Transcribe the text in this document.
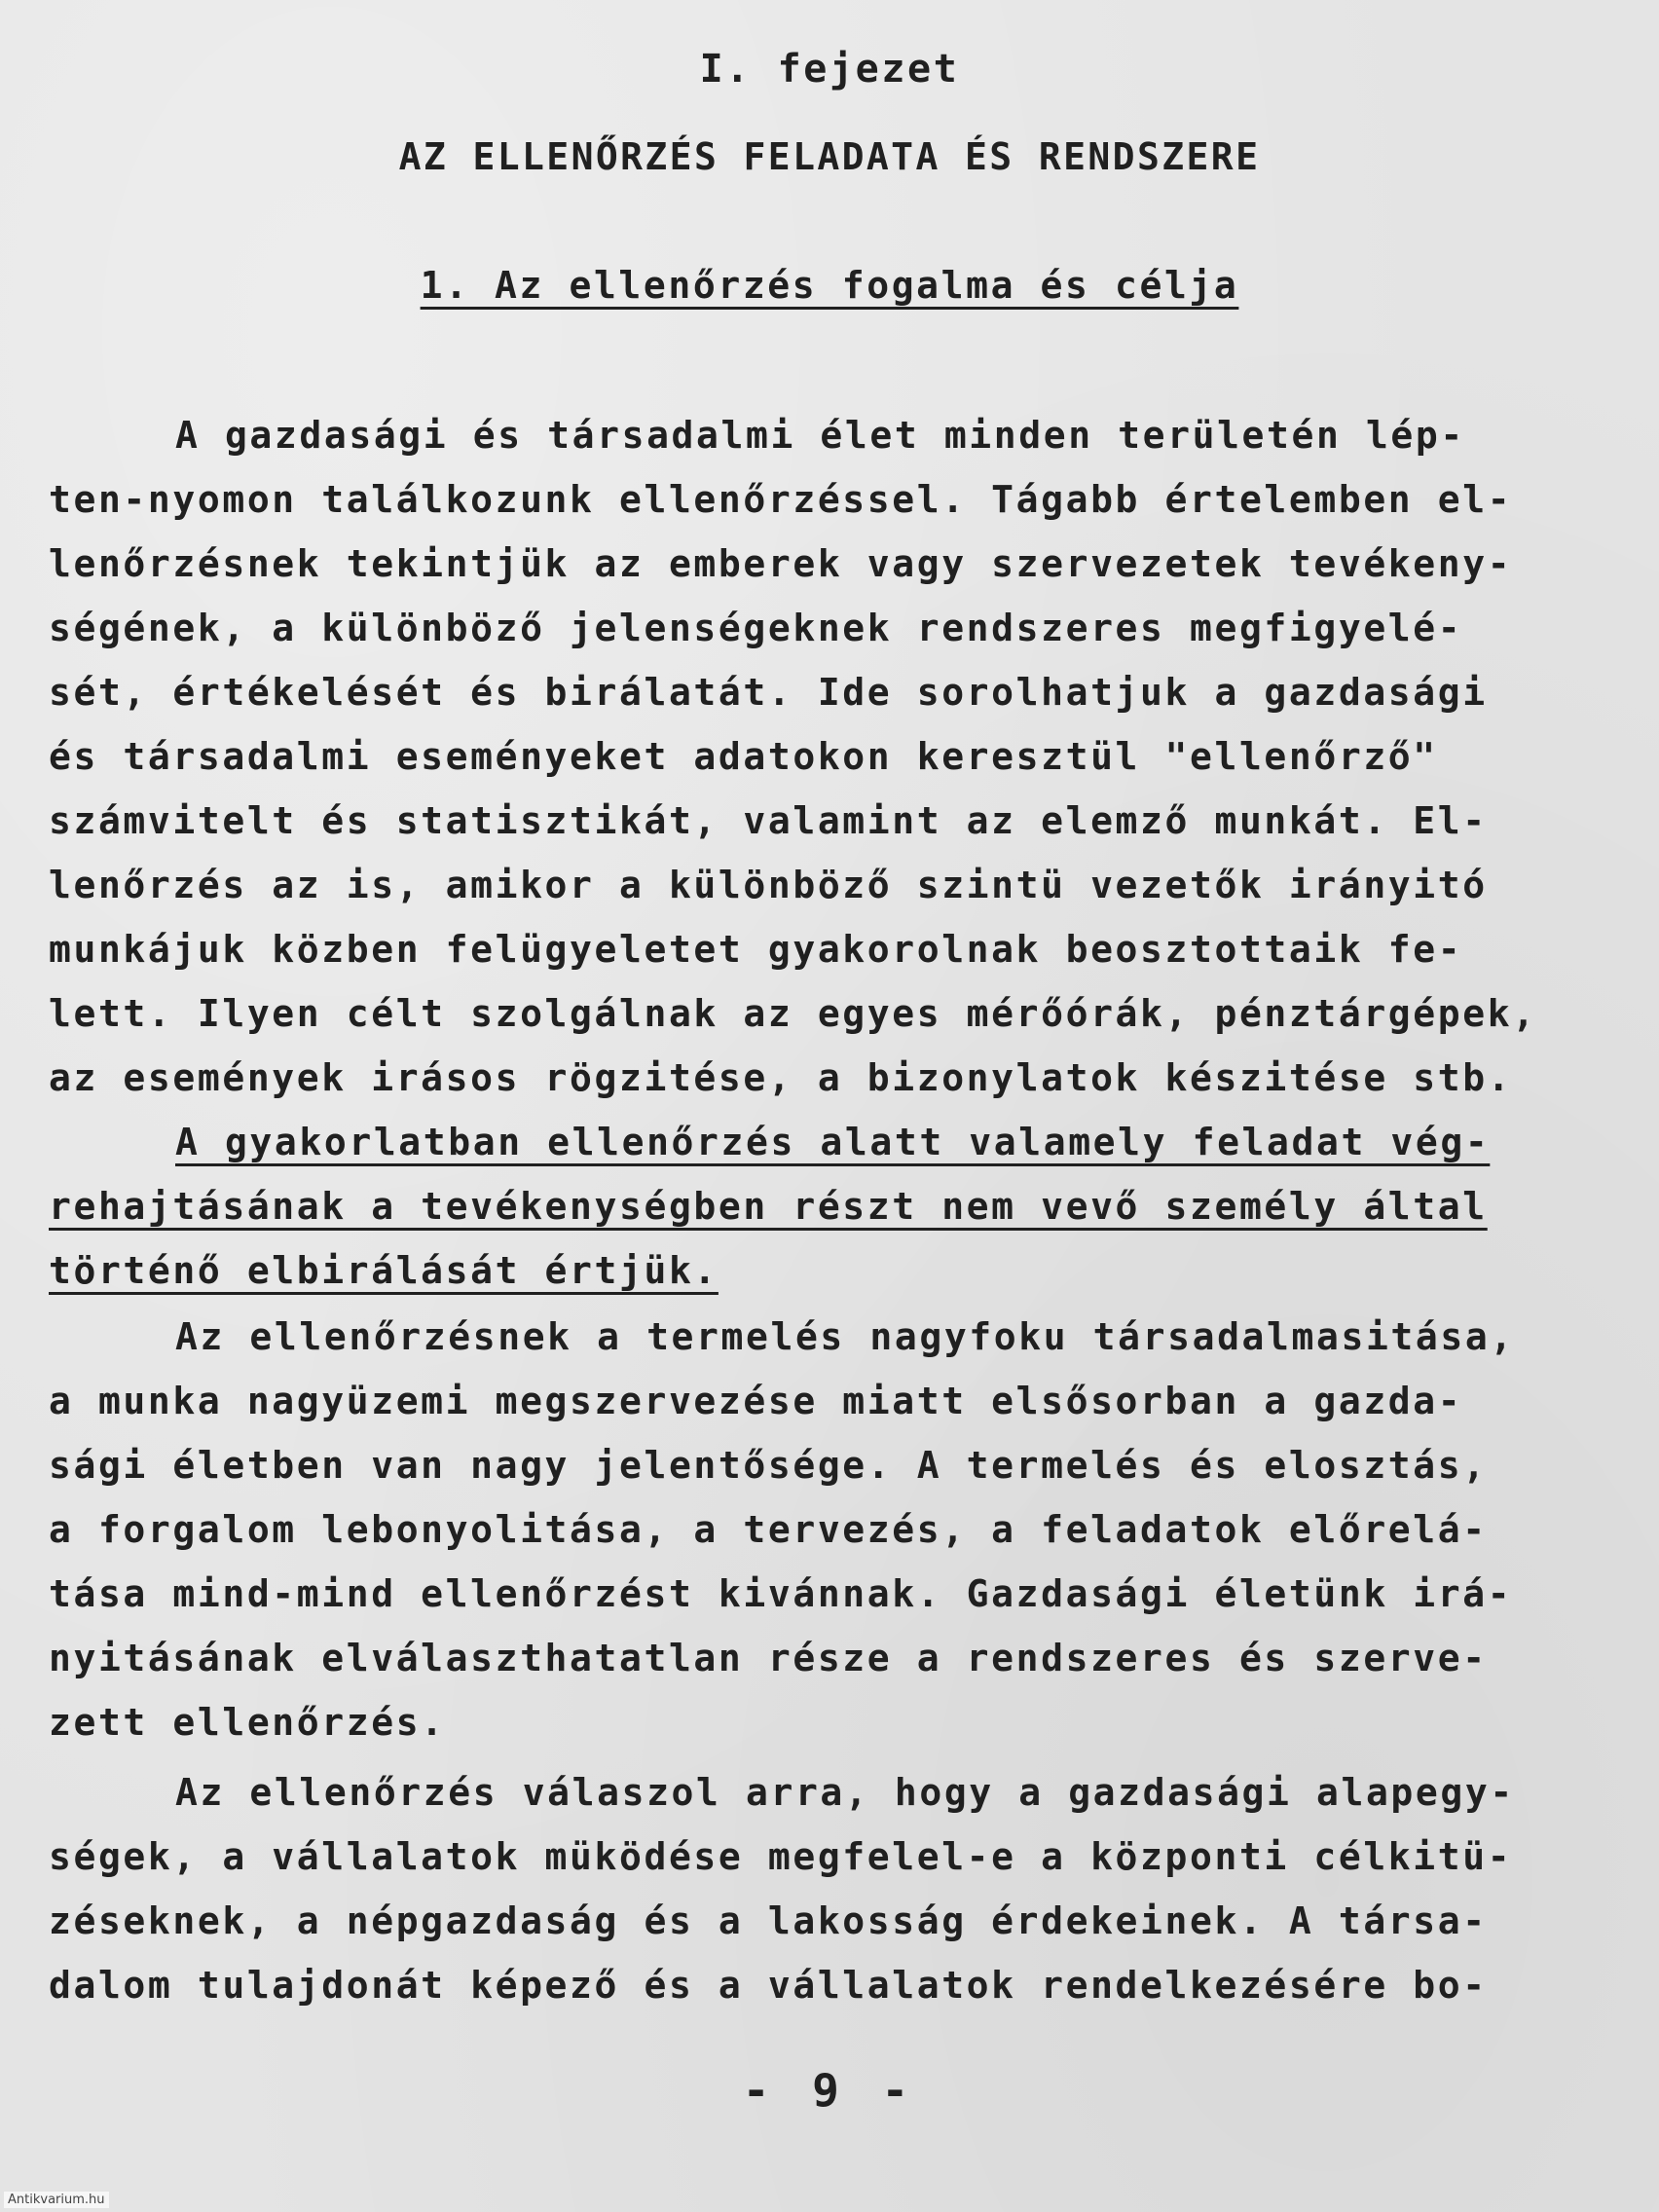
I. fejezet
AZ ELLENŐRZÉS FELADATA ÉS RENDSZERE
1. Az ellenőrzés fogalma és célja
A gazdasági és társadalmi élet minden területén lép-
ten-nyomon találkozunk ellenőrzéssel. Tágabb értelemben el-
lenőrzésnek tekintjük az emberek vagy szervezetek tevékeny-
ségének, a különböző jelenségeknek rendszeres megfigyelé-
sét, értékelését és birálatát. Ide sorolhatjuk a gazdasági
és társadalmi eseményeket adatokon keresztül "ellenőrző"
számvitelt és statisztikát, valamint az elemző munkát. El-
lenőrzés az is, amikor a különböző szintü vezetők irányitó
munkájuk közben felügyeletet gyakorolnak beosztottaik fe-
lett. Ilyen célt szolgálnak az egyes mérőórák, pénztárgépek,
az események irásos rögzitése, a bizonylatok készitése stb.
A gyakorlatban ellenőrzés alatt valamely feladat vég-
rehajtásának a tevékenységben részt nem vevő személy által
történő elbirálását értjük.
Az ellenőrzésnek a termelés nagyfoku társadalmasitása,
a munka nagyüzemi megszervezése miatt elsősorban a gazda-
sági életben van nagy jelentősége. A termelés és elosztás,
a forgalom lebonyolitása, a tervezés, a feladatok előrelá-
tása mind-mind ellenőrzést kivánnak. Gazdasági életünk irá-
nyitásának elválaszthatatlan része a rendszeres és szerve-
zett ellenőrzés.
Az ellenőrzés válaszol arra, hogy a gazdasági alapegy-
ségek, a vállalatok müködése megfelel-e a központi célkitü-
zéseknek, a népgazdaság és a lakosság érdekeinek. A társa-
dalom tulajdonát képező és a vállalatok rendelkezésére bo-
- 9 -
Antikvarium.hu
